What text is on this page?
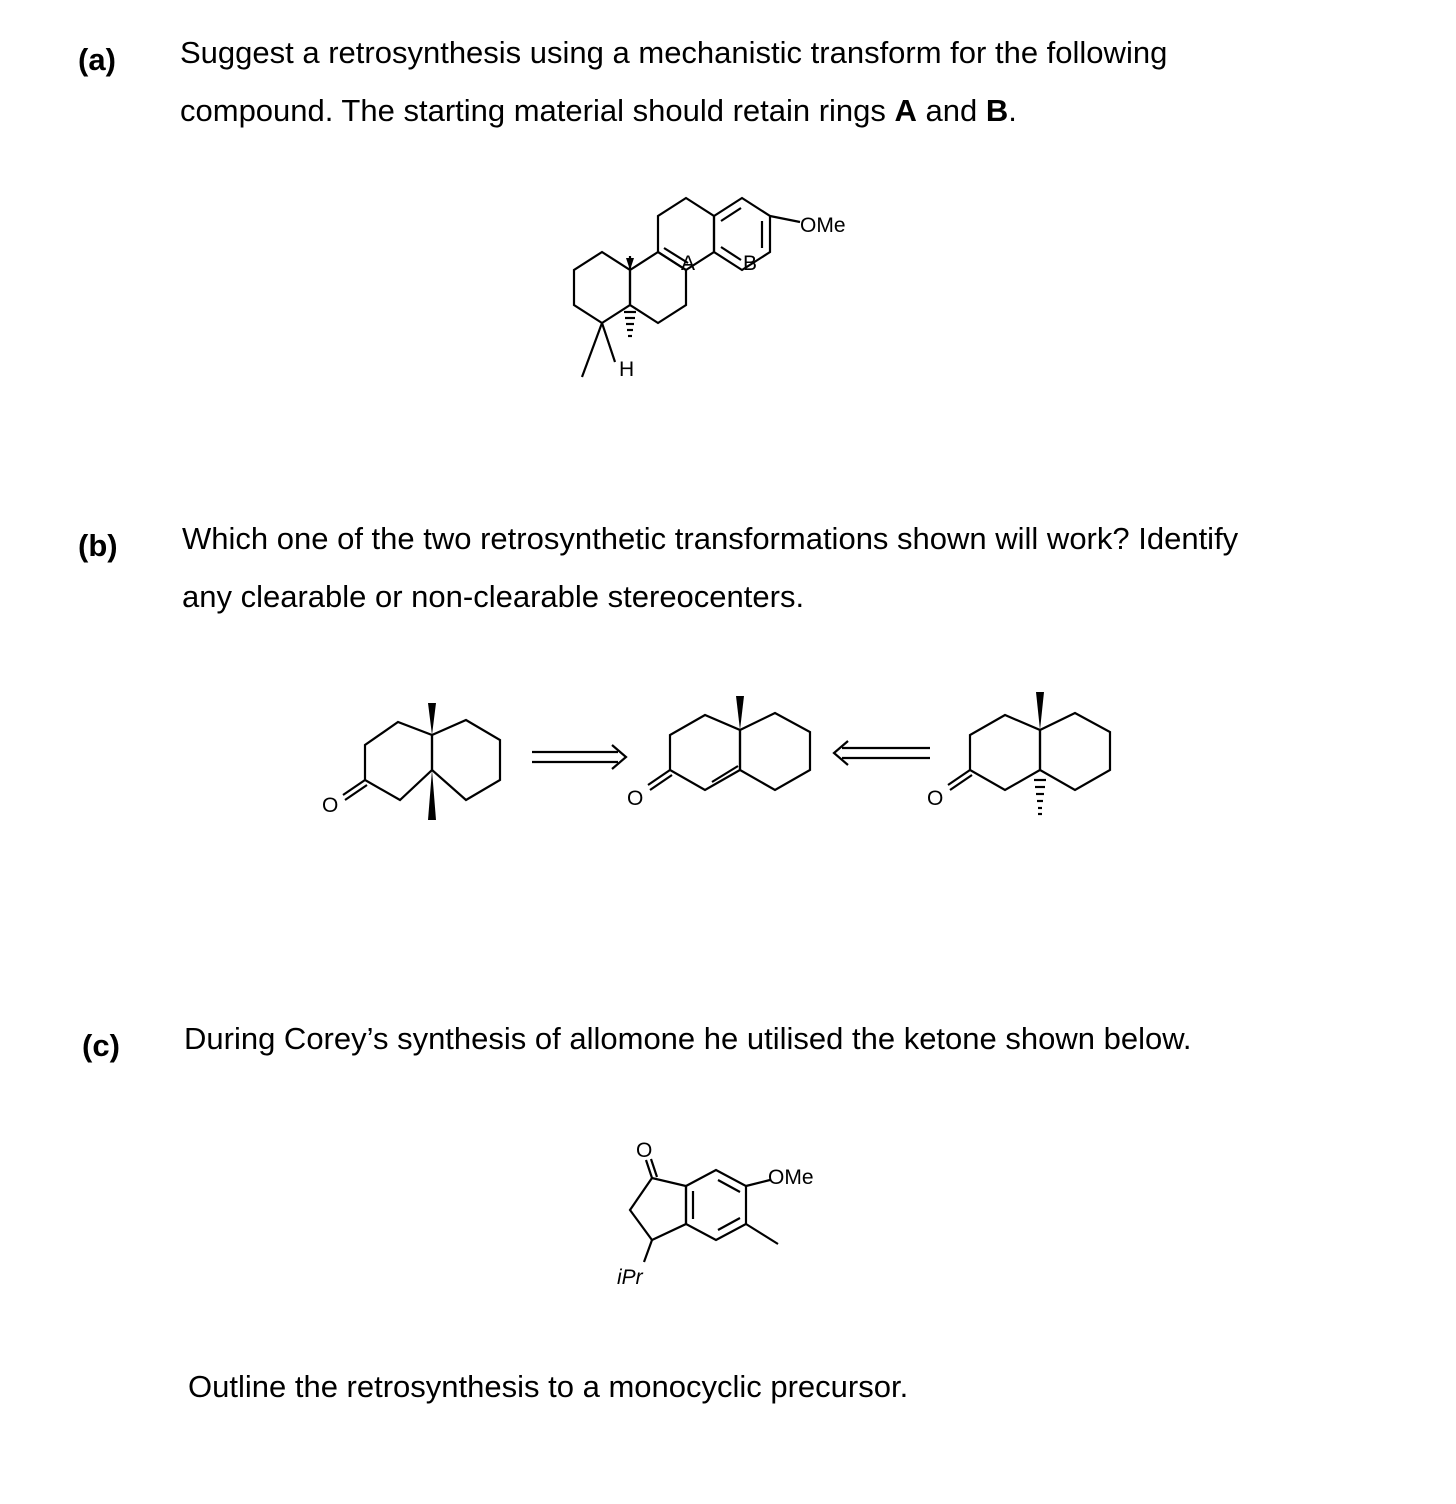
(a) Suggest a retrosynthesis using a mechanistic transform for the following
compound. The starting material should retain rings A and B.
OMe
A B
H
(b) Which one of the two retrosynthetic transformations shown will work? Identify
any clearable or non-clearable stereocenters.
O	O	O
(c) During Corey’s synthesis of allomone he utilised the ketone shown below.
O
OMe
iPr
Outline the retrosynthesis to a monocyclic precursor.
